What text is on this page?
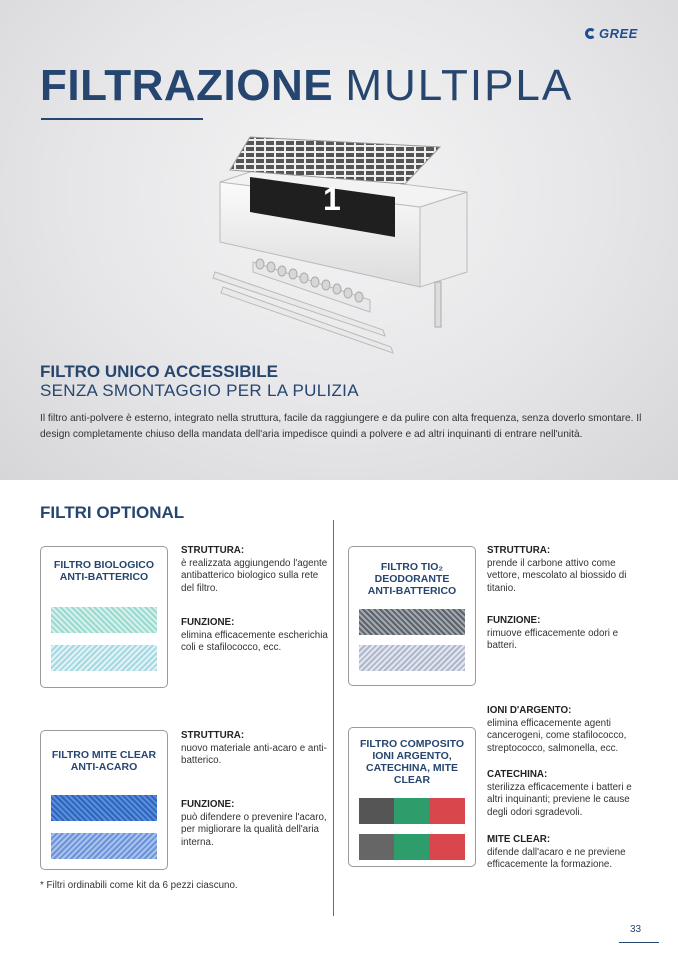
GREE
FILTRAZIONE MULTIPLA
1
FILTRO UNICO ACCESSIBILE
SENZA SMONTAGGIO PER LA PULIZIA
Il filtro anti-polvere è esterno, integrato nella struttura, facile da raggiungere e da pulire con alta frequenza, senza doverlo smontare. Il design completamente chiuso della mandata dell'aria impedisce quindi a polvere e ad altri inquinanti di entrare nell'unità.
FILTRI OPTIONAL
FILTRO BIOLOGICO ANTI-BATTERICO
STRUTTURA:
è realizzata aggiungendo l'agente antibatterico biologico sulla rete del filtro.
FUNZIONE:
elimina efficacemente escherichia coli e stafilococco, ecc.
FILTRO TIO₂ DEODORANTE ANTI-BATTERICO
STRUTTURA:
prende il carbone attivo come vettore, mescolato al biossido di titanio.
FUNZIONE:
rimuove efficacemente odori e batteri.
FILTRO MITE CLEAR ANTI-ACARO
STRUTTURA:
nuovo materiale anti-acaro e anti-batterico.
FUNZIONE:
può difendere o prevenire l'acaro, per migliorare la qualità dell'aria interna.
FILTRO COMPOSITO IONI ARGENTO, CATECHINA, MITE CLEAR
IONI D'ARGENTO:
elimina efficacemente agenti cancerogeni, come stafilococco, streptococco, salmonella, ecc.
CATECHINA:
sterilizza efficacemente i batteri e altri inquinanti; previene le cause degli odori sgradevoli.
MITE CLEAR:
difende dall'acaro e ne previene efficacemente la formazione.
* Filtri ordinabili come kit da 6 pezzi ciascuno.
33
